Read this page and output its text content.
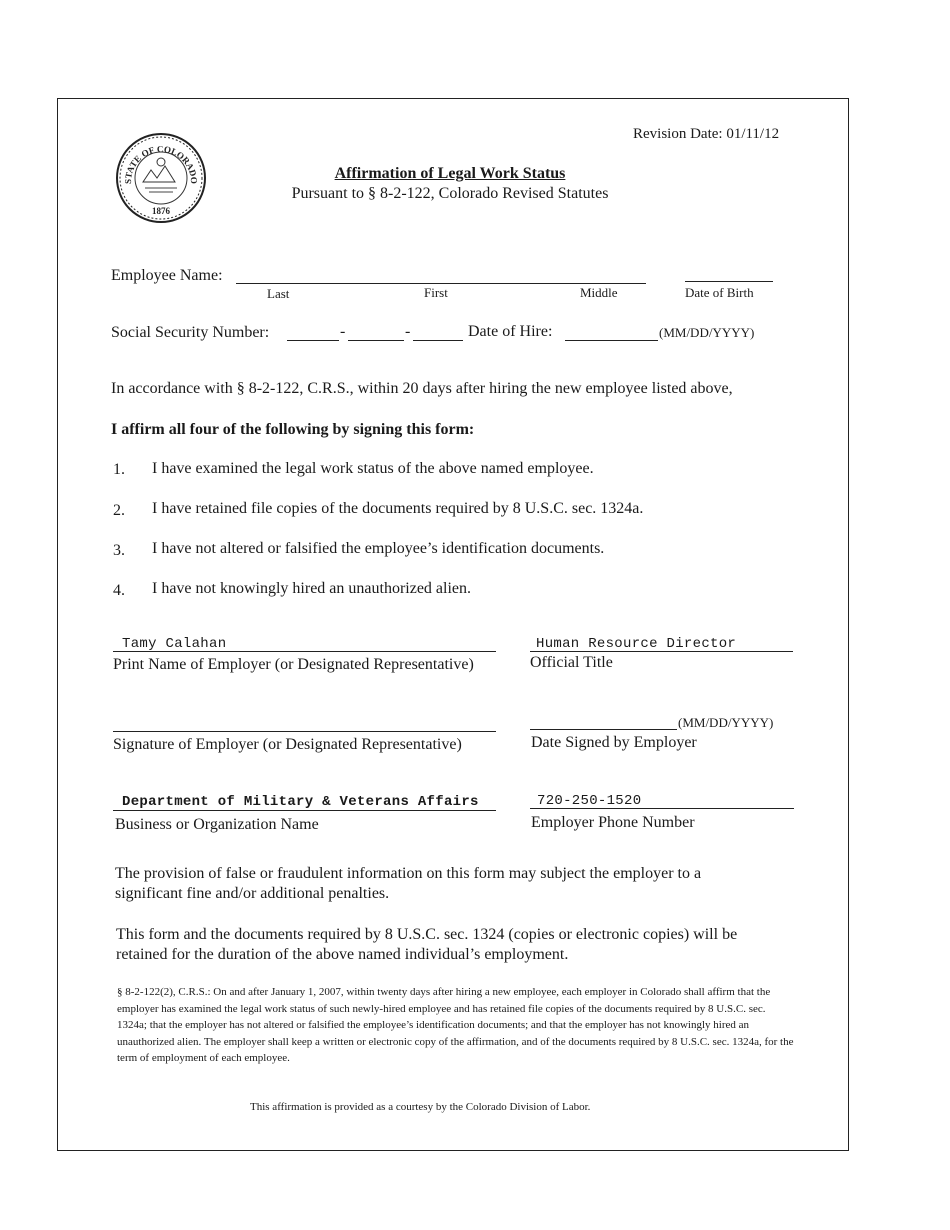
STATE OF COLORADO
1876
Revision Date: 01/11/12
Affirmation of Legal Work Status
Pursuant to § 8-2-122, Colorado Revised Statutes
Employee Name:
Last	First	Middle	Date of Birth
Social Security Number:	-	-	Date of Hire:	(MM/DD/YYYY)
In accordance with § 8-2-122, C.R.S., within 20 days after hiring the new employee listed above,
I affirm all four of the following by signing this form:
1. I have examined the legal work status of the above named employee.
2. I have retained file copies of the documents required by 8 U.S.C. sec. 1324a.
3. I have not altered or falsified the employee’s identification documents.
4. I have not knowingly hired an unauthorized alien.
Tamy Calahan
Print Name of Employer (or Designated Representative)
Human Resource Director
Official Title
Signature of Employer (or Designated Representative)
(MM/DD/YYYY)
Date Signed by Employer
Department of Military & Veterans Affairs
Business or Organization Name
720-250-1520
Employer Phone Number
The provision of false or fraudulent information on this form may subject the employer to a
significant fine and/or additional penalties.
This form and the documents required by 8 U.S.C. sec. 1324 (copies or electronic copies) will be
retained for the duration of the above named individual’s employment.
§ 8-2-122(2), C.R.S.: On and after January 1, 2007, within twenty days after hiring a new employee, each employer in Colorado shall affirm that the employer has examined the legal work status of such newly-hired employee and has retained file copies of the documents required by 8 U.S.C. sec. 1324a; that the employer has not altered or falsified the employee’s identification documents; and that the employer has not knowingly hired an unauthorized alien. The employer shall keep a written or electronic copy of the affirmation, and of the documents required by 8 U.S.C. sec. 1324a, for the term of employment of each employee.
This affirmation is provided as a courtesy by the Colorado Division of Labor.
